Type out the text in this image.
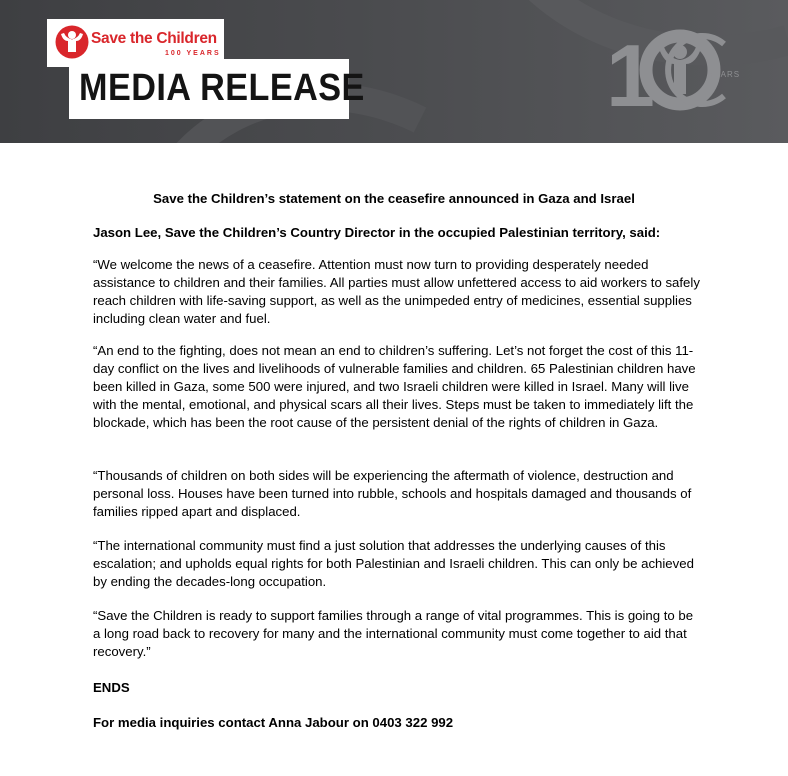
Save the Children
100 YEARS
MEDIA RELEASE	1	YEARS
Save the Children’s statement on the ceasefire announced in Gaza and Israel

Jason Lee, Save the Children’s Country Director in the occupied Palestinian territory, said:

“We welcome the news of a ceasefire. Attention must now turn to providing desperately needed assistance to children and their families. All parties must allow unfettered access to aid workers to safely reach children with life-saving support, as well as the unimpeded entry of medicines, essential supplies including clean water and fuel.

“An end to the fighting, does not mean an end to children’s suffering. Let’s not forget the cost of this 11-day conflict on the lives and livelihoods of vulnerable families and children. 65 Palestinian children have been killed in Gaza, some 500 were injured, and two Israeli children were killed in Israel. Many will live with the mental, emotional, and physical scars all their lives. Steps must be taken to immediately lift the blockade, which has been the root cause of the persistent denial of the rights of children in Gaza.

“Thousands of children on both sides will be experiencing the aftermath of violence, destruction and personal loss. Houses have been turned into rubble, schools and hospitals damaged and thousands of families ripped apart and displaced.

“The international community must find a just solution that addresses the underlying causes of this escalation; and upholds equal rights for both Palestinian and Israeli children. This can only be achieved by ending the decades-long occupation.

“Save the Children is ready to support families through a range of vital programmes. This is going to be a long road back to recovery for many and the international community must come together to aid that recovery.”

ENDS

For media inquiries contact Anna Jabour on 0403 322 992
